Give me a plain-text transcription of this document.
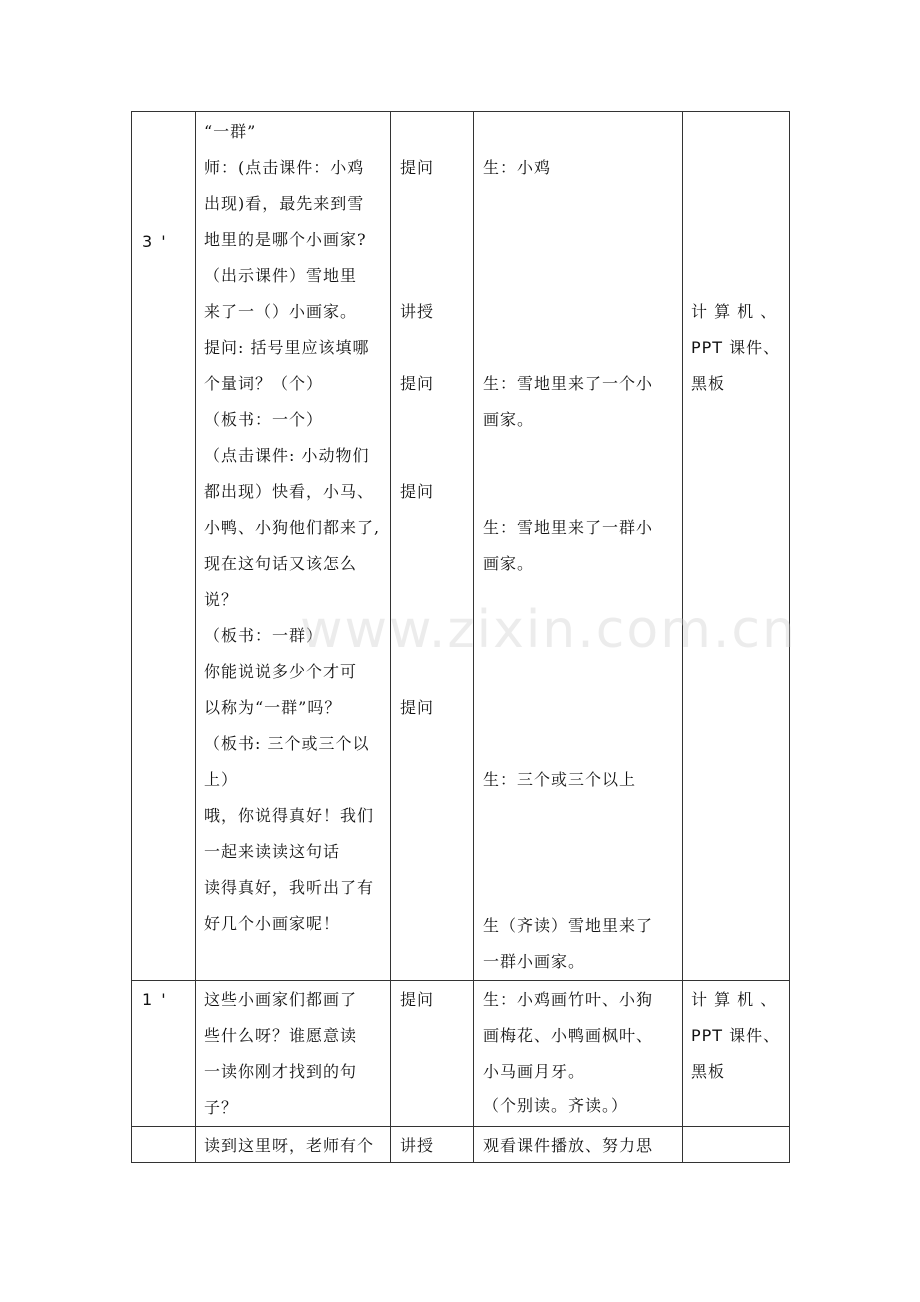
3 '
“一群”
师：(点击课件：小鸡
出现)看，最先来到雪
地里的是哪个小画家?
（出示课件）雪地里
来了一（）小画家。
提问: 括号里应该填哪
个量词？（个）
（板书：一个）
（点击课件: 小动物们
都出现）快看，小马、
小鸭、小狗他们都来了,
现在这句话又该怎么
说？
（板书：一群）
你能说说多少个才可
以称为“一群”吗？
（板书: 三个或三个以
上）
哦，你说得真好！我们
一起来读读这句话
读得真好，我听出了有
好几个小画家呢！
提问
讲授
提问
提问
提问
生：小鸡
生：雪地里来了一个小
画家。
生：雪地里来了一群小
画家。
生：三个或三个以上
生（齐读）雪地里来了
一群小画家。
计 算 机 、
PPT 课件、
黑板
1 ' 这些小画家们都画了
些什么呀？谁愿意读
一读你刚才找到的句
子？
提问	生：小鸡画竹叶、小狗
画梅花、小鸭画枫叶、
小马画月牙。
（个别读。齐读。）
计 算 机 、
PPT 课件、
黑板
读到这里呀，老师有个 讲授	观看课件播放、努力思
www.zixin.com.cn
